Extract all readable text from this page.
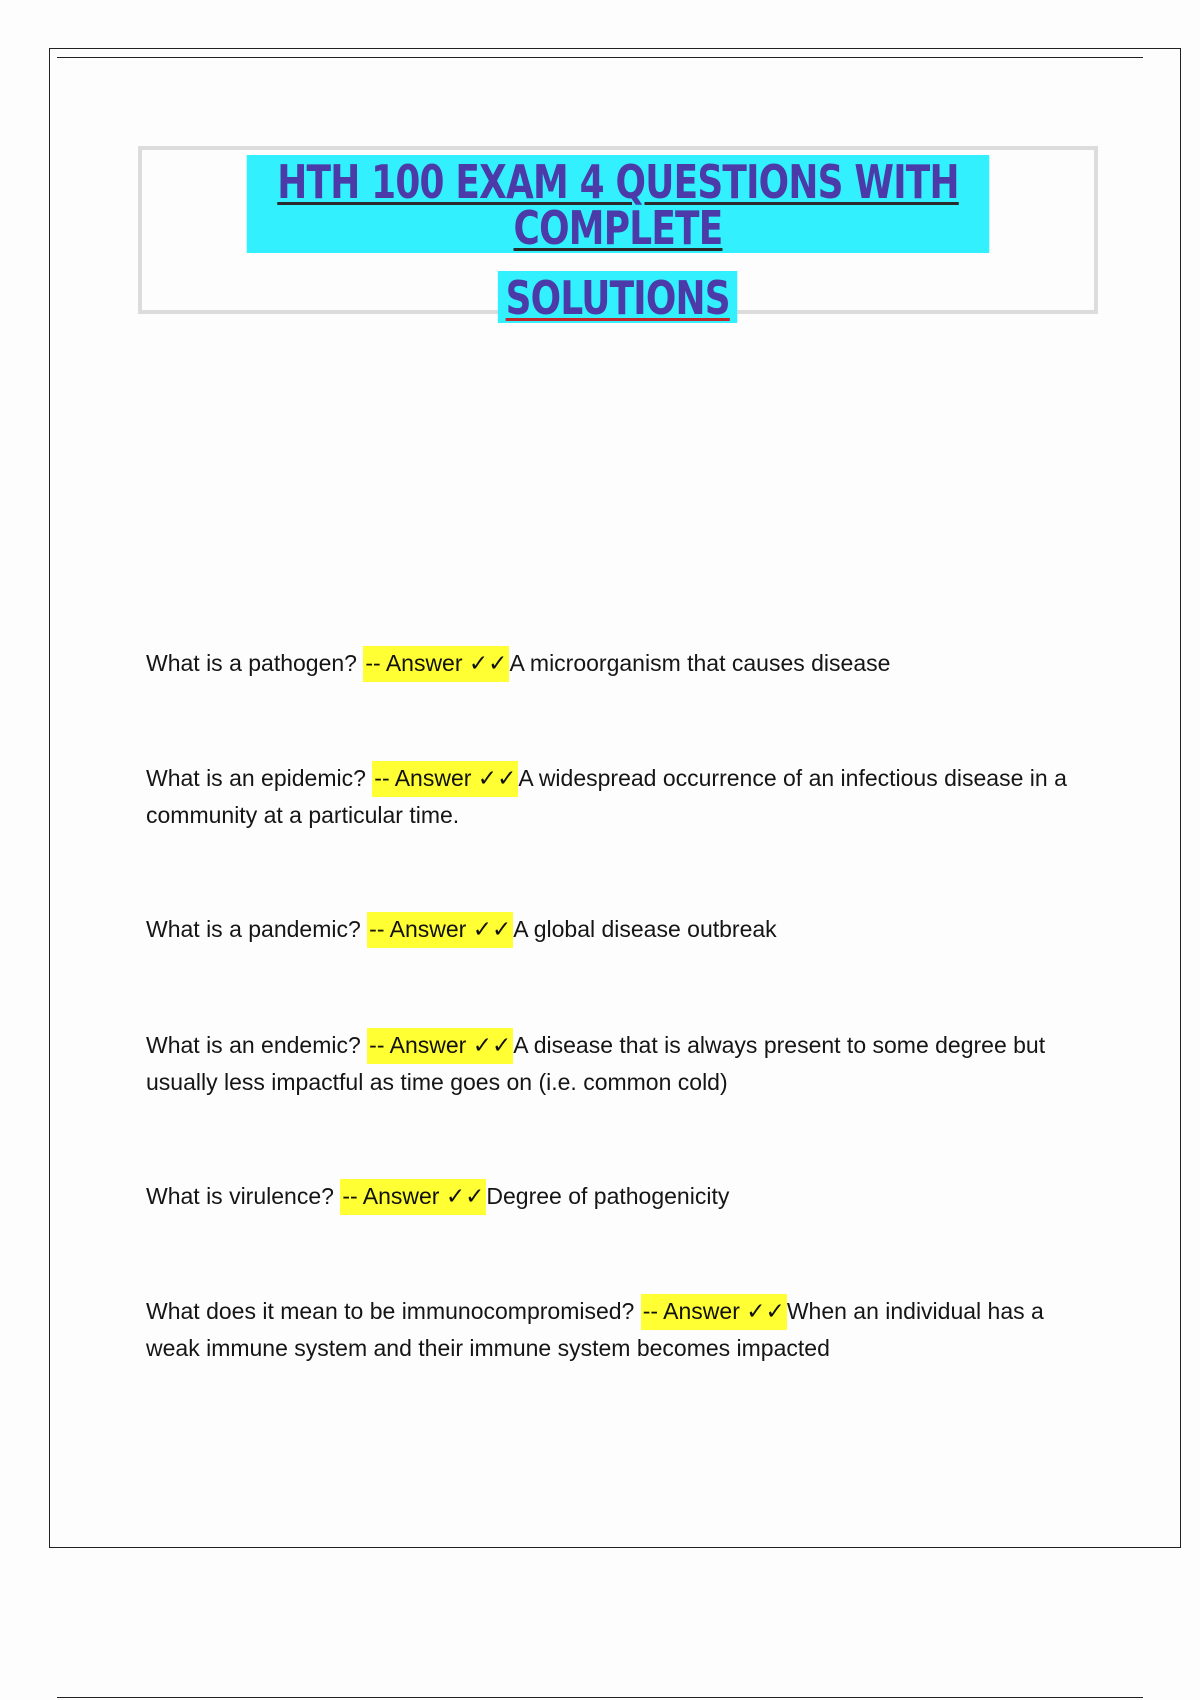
HTH 100 EXAM 4 QUESTIONS WITH COMPLETE
SOLUTIONS
What is a pathogen? -- Answer ✓✓A microorganism that causes disease
What is an epidemic? -- Answer ✓✓A widespread occurrence of an infectious disease in a community at a particular time.
What is a pandemic? -- Answer ✓✓A global disease outbreak
What is an endemic? -- Answer ✓✓A disease that is always present to some degree but usually less impactful as time goes on (i.e. common cold)
What is virulence? -- Answer ✓✓Degree of pathogenicity
What does it mean to be immunocompromised? -- Answer ✓✓When an individual has a weak immune system and their immune system becomes impacted
